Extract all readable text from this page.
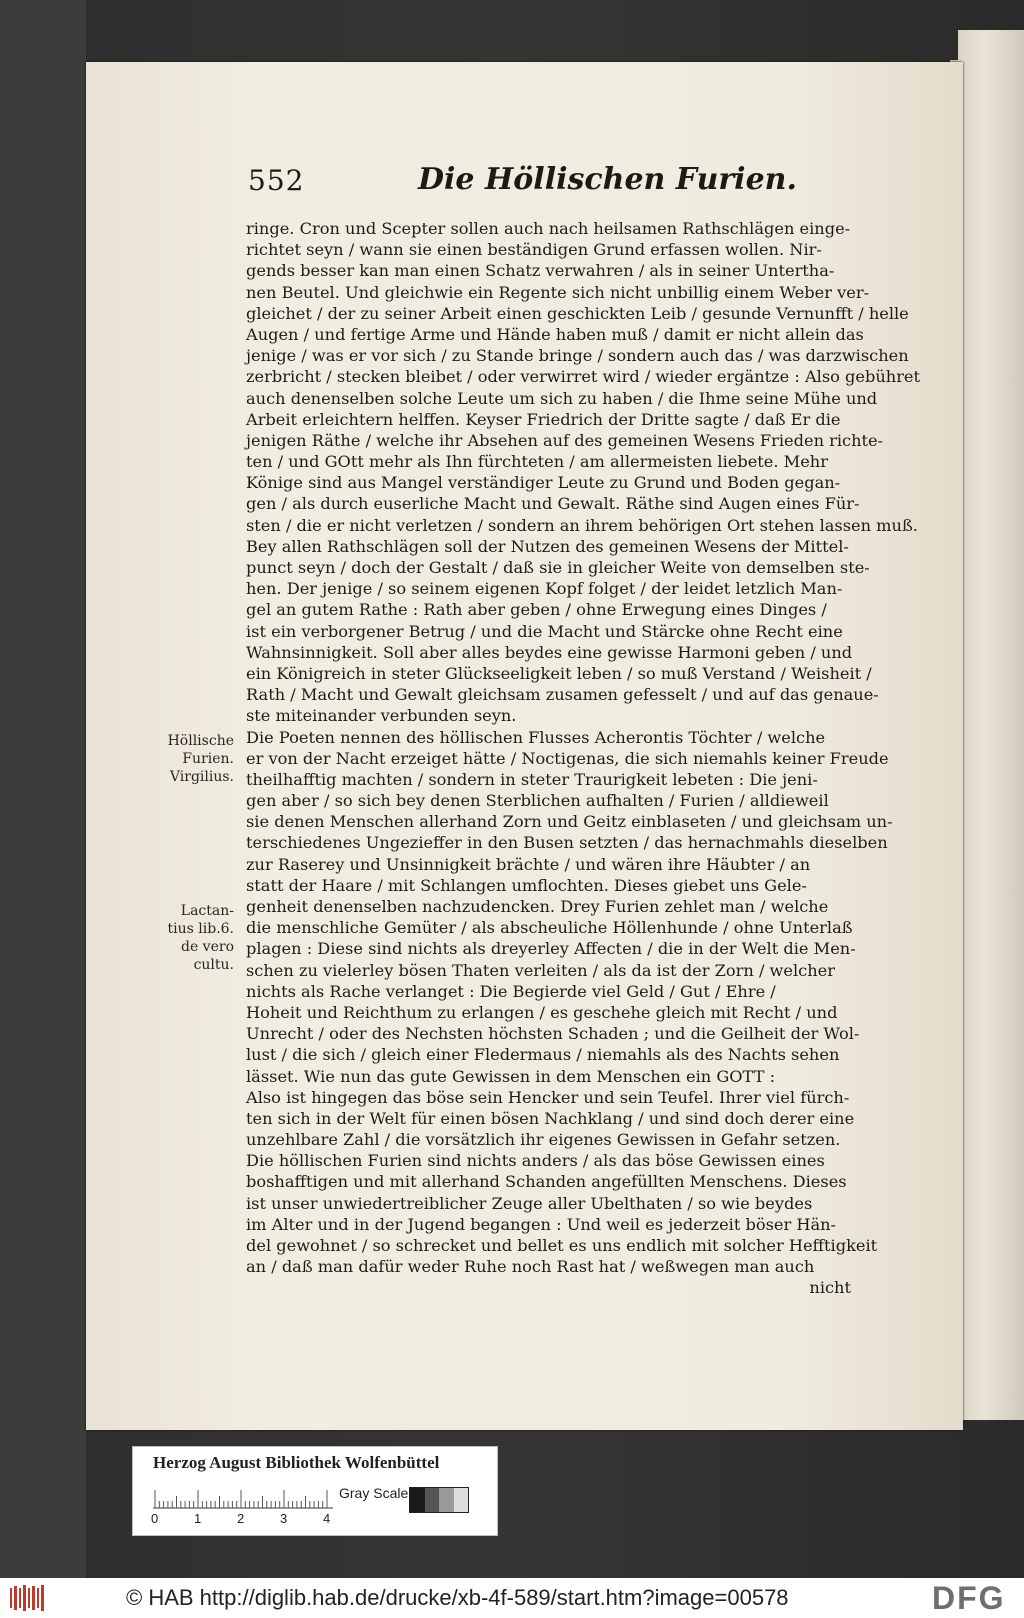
552	Die Höllischen Furien.
ringe. Cron und Scepter sollen auch nach heilsamen Rathschlägen einge-
richtet seyn / wann sie einen beständigen Grund erfassen wollen. Nir-
gends besser kan man einen Schatz verwahren / als in seiner Untertha-
nen Beutel. Und gleichwie ein Regente sich nicht unbillig einem Weber ver-
gleichet / der zu seiner Arbeit einen geschickten Leib / gesunde Vernunfft / helle
Augen / und fertige Arme und Hände haben muß / damit er nicht allein das
jenige / was er vor sich / zu Stande bringe / sondern auch das / was darzwischen
zerbricht / stecken bleibet / oder verwirret wird / wieder ergäntze : Also gebühret
auch denenselben solche Leute um sich zu haben / die Ihme seine Mühe und
Arbeit erleichtern helffen. Keyser Friedrich der Dritte sagte / daß Er die
jenigen Räthe / welche ihr Absehen auf des gemeinen Wesens Frieden richte-
ten / und GOtt mehr als Ihn fürchteten / am allermeisten liebete. Mehr
Könige sind aus Mangel verständiger Leute zu Grund und Boden gegan-
gen / als durch euserliche Macht und Gewalt. Räthe sind Augen eines Für-
sten / die er nicht verletzen / sondern an ihrem behörigen Ort stehen lassen muß.
Bey allen Rathschlägen soll der Nutzen des gemeinen Wesens der Mittel-
punct seyn / doch der Gestalt / daß sie in gleicher Weite von demselben ste-
hen. Der jenige / so seinem eigenen Kopf folget / der leidet letzlich Man-
gel an gutem Rathe : Rath aber geben / ohne Erwegung eines Dinges /
ist ein verborgener Betrug / und die Macht und Stärcke ohne Recht eine
Wahnsinnigkeit. Soll aber alles beydes eine gewisse Harmoni geben / und
ein Königreich in steter Glückseeligkeit leben / so muß Verstand / Weisheit /
Rath / Macht und Gewalt gleichsam zusamen gefesselt / und auf das genaue-
ste miteinander verbunden seyn.
Die Poeten nennen des höllischen Flusses Acherontis Töchter / welche
er von der Nacht erzeiget hätte / Noctigenas, die sich niemahls keiner Freude
theilhafftig machten / sondern in steter Traurigkeit lebeten : Die jeni-
gen aber / so sich bey denen Sterblichen aufhalten / Furien / alldieweil
sie denen Menschen allerhand Zorn und Geitz einblaseten / und gleichsam un-
terschiedenes Ungezieffer in den Busen setzten / das hernachmahls dieselben
zur Raserey und Unsinnigkeit brächte / und wären ihre Häubter / an
statt der Haare / mit Schlangen umflochten. Dieses giebet uns Gele-
genheit denenselben nachzudencken. Drey Furien zehlet man / welche
die menschliche Gemüter / als abscheuliche Höllenhunde / ohne Unterlaß
plagen : Diese sind nichts als dreyerley Affecten / die in der Welt die Men-
schen zu vielerley bösen Thaten verleiten / als da ist der Zorn / welcher
nichts als Rache verlanget : Die Begierde viel Geld / Gut / Ehre /
Hoheit und Reichthum zu erlangen / es geschehe gleich mit Recht / und
Unrecht / oder des Nechsten höchsten Schaden ; und die Geilheit der Wol-
lust / die sich / gleich einer Fledermaus / niemahls als des Nachts sehen
lässet. Wie nun das gute Gewissen in dem Menschen ein GOTT :
Also ist hingegen das böse sein Hencker und sein Teufel. Ihrer viel fürch-
ten sich in der Welt für einen bösen Nachklang / und sind doch derer eine
unzehlbare Zahl / die vorsätzlich ihr eigenes Gewissen in Gefahr setzen.
Die höllischen Furien sind nichts anders / als das böse Gewissen eines
boshafftigen und mit allerhand Schanden angefüllten Menschens. Dieses
ist unser unwiedertreiblicher Zeuge aller Ubelthaten / so wie beydes
im Alter und in der Jugend begangen : Und weil es jederzeit böser Hän-
del gewohnet / so schrecket und bellet es uns endlich mit solcher Hefftigkeit
an / daß man dafür weder Ruhe noch Rast hat / weßwegen man auch
nicht
Höllische
Furien.
Virgilius.
Lactan-
tius lib.6.
de vero
cultu.
Herzog August Bibliothek Wolfenbüttel
0	1	2	3	4
Gray Scale
© HAB http://diglib.hab.de/drucke/xb-4f-589/start.htm?image=00578	DFG
